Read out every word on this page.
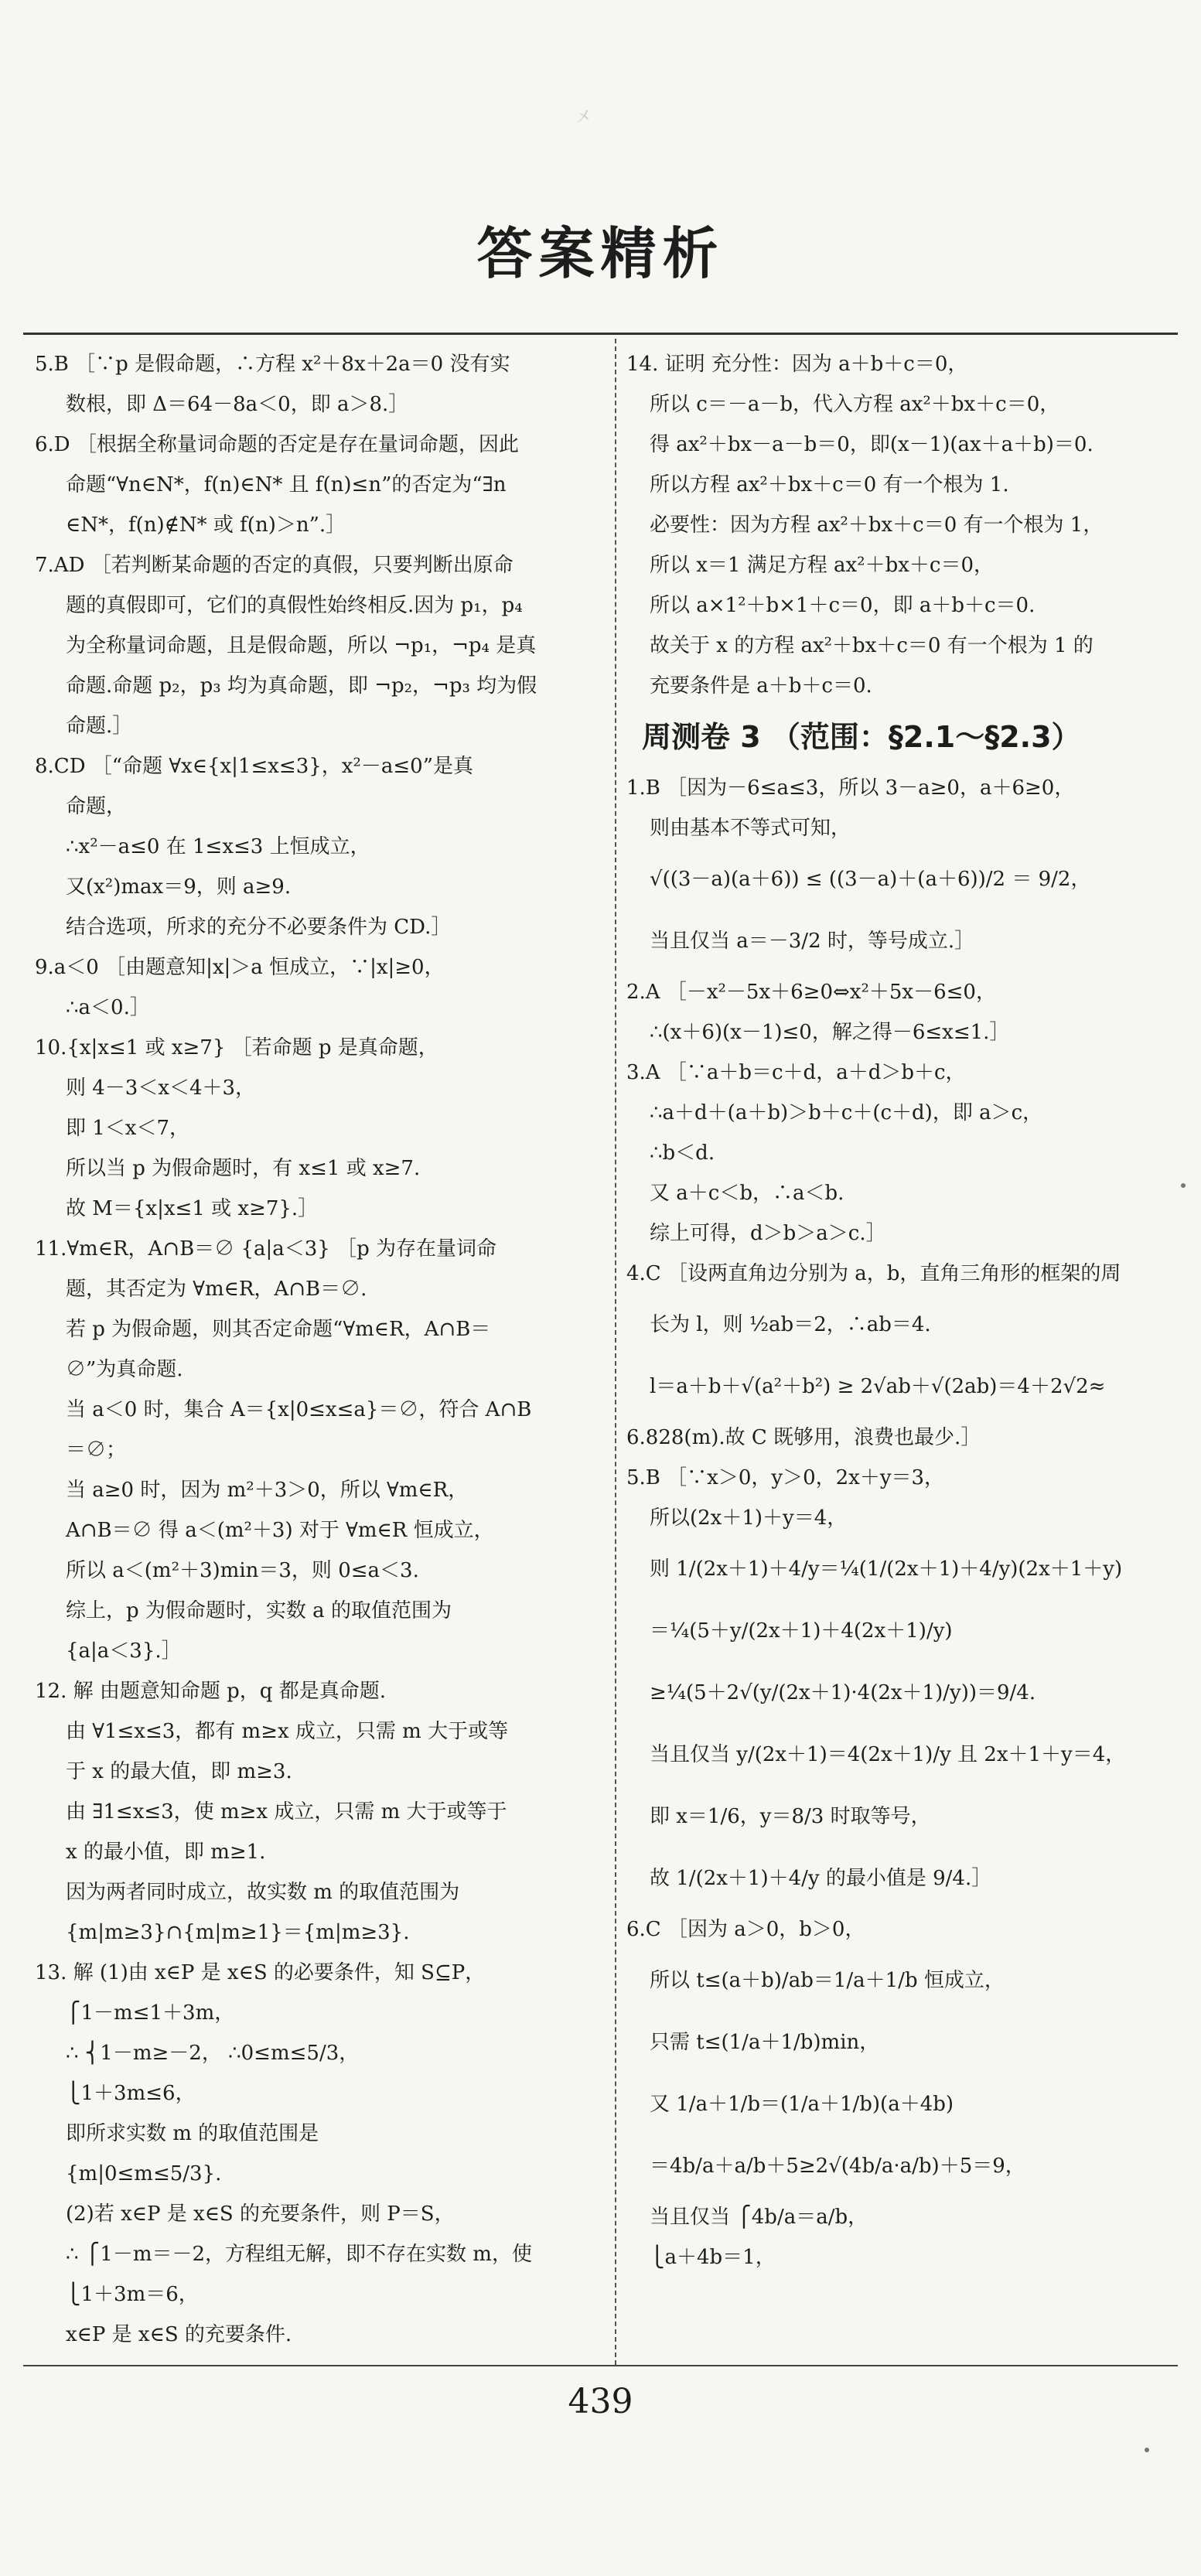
㐅
答案精析
5.B ［∵p 是假命题，∴方程 x²＋8x＋2a＝0 没有实
数根，即 Δ＝64－8a＜0，即 a＞8.］
6.D ［根据全称量词命题的否定是存在量词命题，因此
命题“∀n∈N*，f(n)∈N* 且 f(n)≤n”的否定为“∃n
∈N*，f(n)∉N* 或 f(n)＞n”.］
7.AD ［若判断某命题的否定的真假，只要判断出原命
题的真假即可，它们的真假性始终相反.因为 p₁，p₄
为全称量词命题，且是假命题，所以 ¬p₁，¬p₄ 是真
命题.命题 p₂，p₃ 均为真命题，即 ¬p₂，¬p₃ 均为假
命题.］
8.CD ［“命题 ∀x∈{x|1≤x≤3}，x²－a≤0”是真
命题，
∴x²－a≤0 在 1≤x≤3 上恒成立，
又(x²)max＝9，则 a≥9.
结合选项，所求的充分不必要条件为 CD.］
9.a＜0 ［由题意知|x|＞a 恒成立，∵|x|≥0，
∴a＜0.］
10.{x|x≤1 或 x≥7} ［若命题 p 是真命题，
则 4－3＜x＜4＋3，
即 1＜x＜7，
所以当 p 为假命题时，有 x≤1 或 x≥7.
故 M＝{x|x≤1 或 x≥7}.］
11.∀m∈R，A∩B＝∅ {a|a＜3} ［p 为存在量词命
题，其否定为 ∀m∈R，A∩B＝∅.
若 p 为假命题，则其否定命题“∀m∈R，A∩B＝
∅”为真命题.
当 a＜0 时，集合 A＝{x|0≤x≤a}＝∅，符合 A∩B
＝∅；
当 a≥0 时，因为 m²＋3＞0，所以 ∀m∈R，
A∩B＝∅ 得 a＜(m²＋3) 对于 ∀m∈R 恒成立，
所以 a＜(m²＋3)min＝3，则 0≤a＜3.
综上，p 为假命题时，实数 a 的取值范围为
{a|a＜3}.］
12. 解 由题意知命题 p，q 都是真命题.
由 ∀1≤x≤3，都有 m≥x 成立，只需 m 大于或等
于 x 的最大值，即 m≥3.
由 ∃1≤x≤3，使 m≥x 成立，只需 m 大于或等于
x 的最小值，即 m≥1.
因为两者同时成立，故实数 m 的取值范围为
{m|m≥3}∩{m|m≥1}＝{m|m≥3}.
13. 解 (1)由 x∈P 是 x∈S 的必要条件，知 S⊆P，
⎧1－m≤1＋3m，
∴ ⎨1－m≥－2， ∴0≤m≤5/3，
⎩1＋3m≤6，
即所求实数 m 的取值范围是
{m|0≤m≤5/3}.
(2)若 x∈P 是 x∈S 的充要条件，则 P＝S，
∴ ⎧1－m＝－2，方程组无解，即不存在实数 m，使
⎩1＋3m＝6，
x∈P 是 x∈S 的充要条件.
14. 证明 充分性：因为 a＋b＋c＝0，
所以 c＝－a－b，代入方程 ax²＋bx＋c＝0，
得 ax²＋bx－a－b＝0，即(x－1)(ax＋a＋b)＝0.
所以方程 ax²＋bx＋c＝0 有一个根为 1.
必要性：因为方程 ax²＋bx＋c＝0 有一个根为 1，
所以 x＝1 满足方程 ax²＋bx＋c＝0，
所以 a×1²＋b×1＋c＝0，即 a＋b＋c＝0.
故关于 x 的方程 ax²＋bx＋c＝0 有一个根为 1 的
充要条件是 a＋b＋c＝0.
周测卷 3 （范围：§2.1～§2.3）
1.B ［因为－6≤a≤3，所以 3－a≥0，a＋6≥0，
则由基本不等式可知，
√((3－a)(a＋6)) ≤ ((3－a)＋(a＋6))/2 ＝ 9/2，
当且仅当 a＝－3/2 时，等号成立.］
2.A ［－x²－5x＋6≥0⇔x²＋5x－6≤0，
∴(x＋6)(x－1)≤0，解之得－6≤x≤1.］
3.A ［∵a＋b＝c＋d，a＋d＞b＋c，
∴a＋d＋(a＋b)＞b＋c＋(c＋d)，即 a＞c，
∴b＜d.
又 a＋c＜b，∴a＜b.
综上可得，d＞b＞a＞c.］
4.C ［设两直角边分别为 a，b，直角三角形的框架的周
长为 l，则 ½ab＝2，∴ab＝4.
l＝a＋b＋√(a²＋b²) ≥ 2√ab＋√(2ab)＝4＋2√2≈
6.828(m).故 C 既够用，浪费也最少.］
5.B ［∵x＞0，y＞0，2x＋y＝3，
所以(2x＋1)＋y＝4，
则 1/(2x＋1)＋4/y＝¼(1/(2x＋1)＋4/y)(2x＋1＋y)
＝¼(5＋y/(2x＋1)＋4(2x＋1)/y)
≥¼(5＋2√(y/(2x＋1)·4(2x＋1)/y))＝9/4.
当且仅当 y/(2x＋1)＝4(2x＋1)/y 且 2x＋1＋y＝4，
即 x＝1/6，y＝8/3 时取等号，
故 1/(2x＋1)＋4/y 的最小值是 9/4.］
6.C ［因为 a＞0，b＞0，
所以 t≤(a＋b)/ab＝1/a＋1/b 恒成立，
只需 t≤(1/a＋1/b)min，
又 1/a＋1/b＝(1/a＋1/b)(a＋4b)
＝4b/a＋a/b＋5≥2√(4b/a·a/b)＋5＝9，
当且仅当 ⎧4b/a＝a/b，
⎩a＋4b＝1，
439
